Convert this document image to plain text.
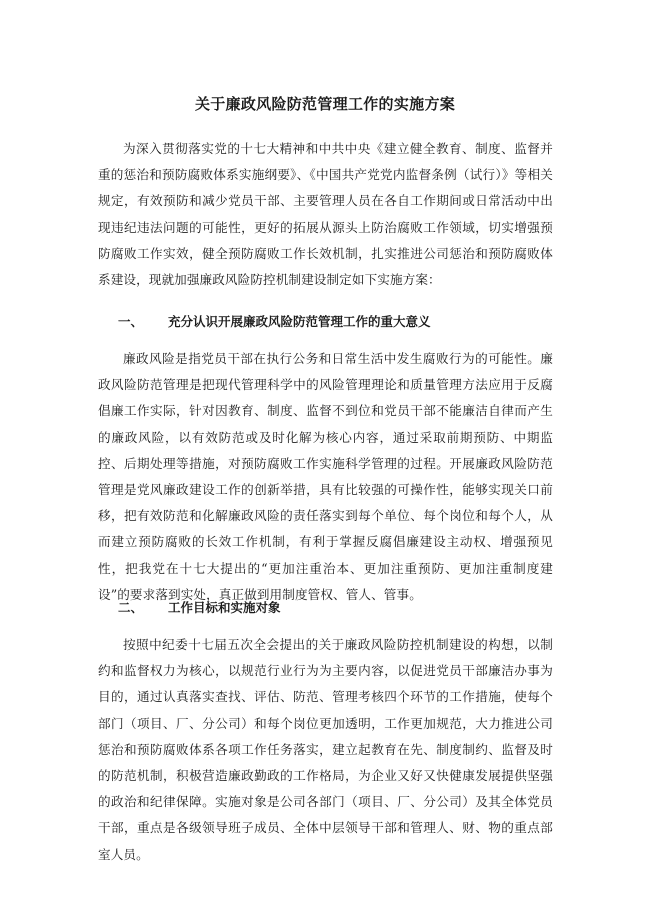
关于廉政风险防范管理工作的实施方案

为深入贯彻落实党的十七大精神和中共中央《建立健全教育、制度、监督并重的惩治和预防腐败体系实施纲要》、《中国共产党党内监督条例（试行）》等相关规定，有效预防和减少党员干部、主要管理人员在各自工作期间或日常活动中出现违纪违法问题的可能性，更好的拓展从源头上防治腐败工作领域，切实增强预防腐败工作实效，健全预防腐败工作长效机制，扎实推进公司惩治和预防腐败体系建设，现就加强廉政风险防控机制建设制定如下实施方案：

一、 充分认识开展廉政风险防范管理工作的重大意义

廉政风险是指党员干部在执行公务和日常生活中发生腐败行为的可能性。廉政风险防范管理是把现代管理科学中的风险管理理论和质量管理方法应用于反腐倡廉工作实际，针对因教育、制度、监督不到位和党员干部不能廉洁自律而产生的廉政风险，以有效防范或及时化解为核心内容，通过采取前期预防、中期监控、后期处理等措施，对预防腐败工作实施科学管理的过程。开展廉政风险防范管理是党风廉政建设工作的创新举措，具有比较强的可操作性，能够实现关口前移，把有效防范和化解廉政风险的责任落实到每个单位、每个岗位和每个人，从而建立预防腐败的长效工作机制，有利于掌握反腐倡廉建设主动权、增强预见性，把我党在十七大提出的“更加注重治本、更加注重预防、更加注重制度建设”的要求落到实处，真正做到用制度管权、管人、管事。

二、 工作目标和实施对象

按照中纪委十七届五次全会提出的关于廉政风险防控机制建设的构想，以制约和监督权力为核心，以规范行业行为为主要内容，以促进党员干部廉洁办事为目的，通过认真落实查找、评估、防范、管理考核四个环节的工作措施，使每个部门（项目、厂、分公司）和每个岗位更加透明，工作更加规范，大力推进公司惩治和预防腐败体系各项工作任务落实，建立起教育在先、制度制约、监督及时的防范机制，积极营造廉政勤政的工作格局，为企业又好又快健康发展提供坚强的政治和纪律保障。实施对象是公司各部门（项目、厂、分公司）及其全体党员干部，重点是各级领导班子成员、全体中层领导干部和管理人、财、物的重点部室人员。
